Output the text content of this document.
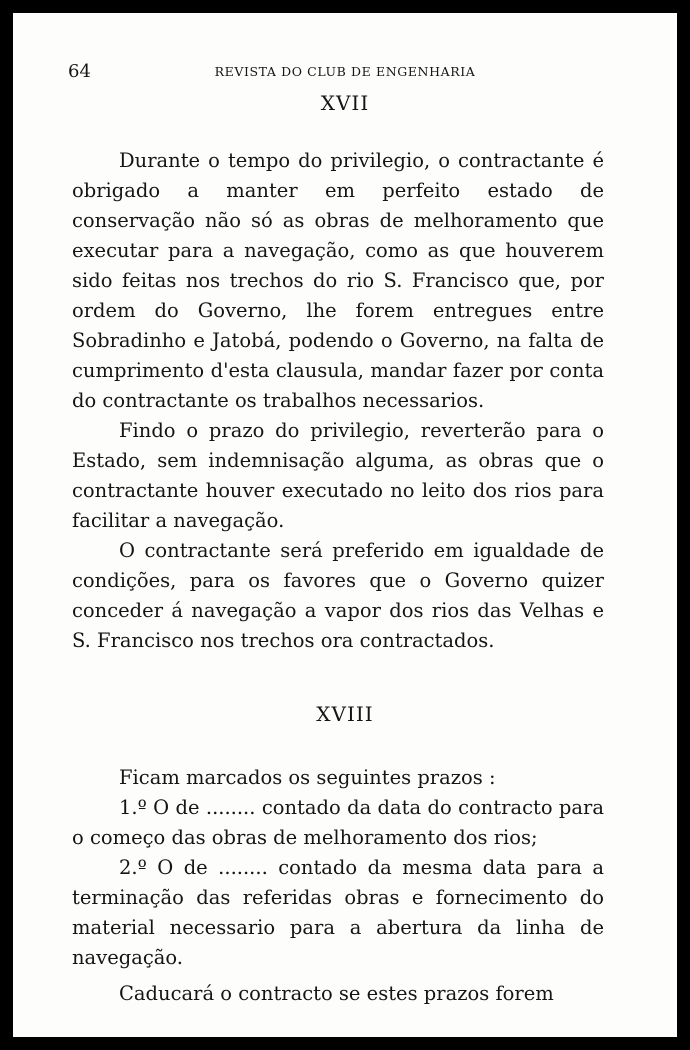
64	REVISTA DO CLUB DE ENGENHARIA
XVII

Durante o tempo do privilegio, o contractante é obrigado a manter em perfeito estado de conservação não só as obras de melhoramento que executar para a navegação, como as que houverem sido feitas nos trechos do rio S. Francisco que, por ordem do Governo, lhe forem entregues entre Sobradinho e Jatobá, podendo o Governo, na falta de cumprimento d'esta clausula, mandar fazer por conta do contractante os trabalhos necessarios.

Findo o prazo do privilegio, reverterão para o Estado, sem indemnisação alguma, as obras que o contractante houver executado no leito dos rios para facilitar a navegação.

O contractante será preferido em igualdade de condições, para os favores que o Governo quizer conceder á navegação a vapor dos rios das Velhas e S. Francisco nos trechos ora contractados.

XVIII

Ficam marcados os seguintes prazos :

1.º O de ........ contado da data do contracto para o começo das obras de melhoramento dos rios;

2.º O de ........ contado da mesma data para a terminação das referidas obras e fornecimento do material necessario para a abertura da linha de navegação.

Caducará o contracto se estes prazos forem
